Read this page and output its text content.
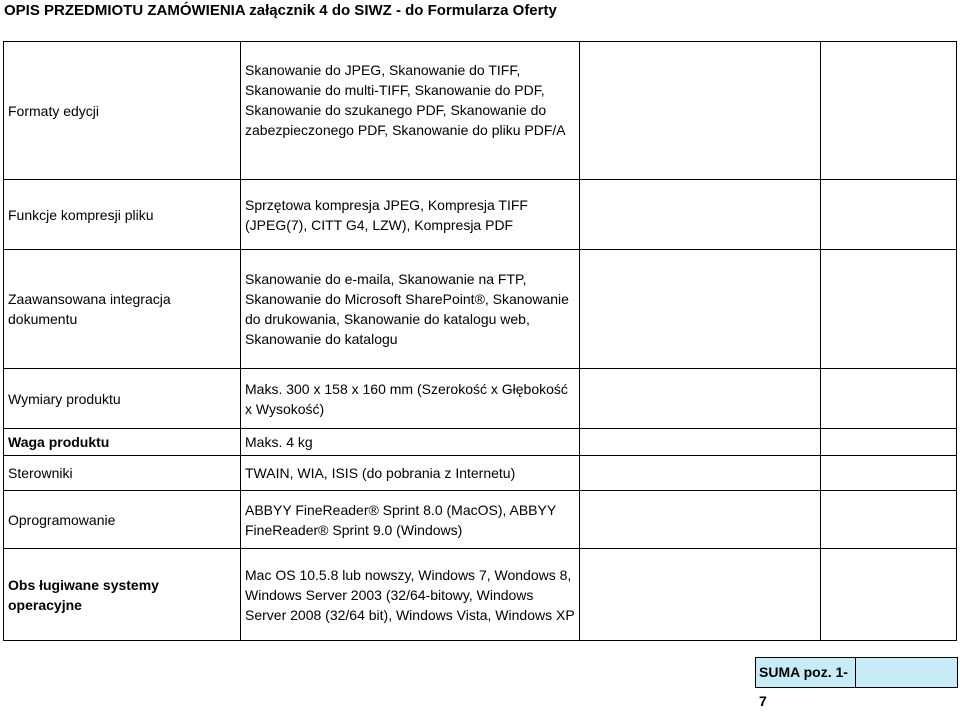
OPIS PRZEDMIOTU ZAMÓWIENIA załącznik 4 do SIWZ - do Formularza Oferty
Formaty edycji	Skanowanie do JPEG, Skanowanie do TIFF, Skanowanie do multi-TIFF, Skanowanie do PDF, Skanowanie do szukanego PDF, Skanowanie do zabezpieczonego PDF, Skanowanie do pliku PDF/A		
Funkcje kompresji pliku	Sprzętowa kompresja JPEG, Kompresja TIFF (JPEG(7), CITT G4, LZW), Kompresja PDF		
Zaawansowana integracja dokumentu	Skanowanie do e-maila, Skanowanie na FTP, Skanowanie do Microsoft SharePoint®, Skanowanie do drukowania, Skanowanie do katalogu web, Skanowanie do katalogu		
Wymiary produktu	Maks. 300 x 158 x 160 mm (Szerokość x Głębokość x Wysokość)		
Waga produktu	Maks. 4 kg		
Sterowniki	TWAIN, WIA, ISIS (do pobrania z Internetu)		
Oprogramowanie	ABBYY FineReader® Sprint 8.0 (MacOS), ABBYY FineReader® Sprint 9.0 (Windows)		
Obs ługiwane systemy operacyjne	Mac OS 10.5.8 lub nowszy, Windows 7, Wondows 8, Windows Server 2003 (32/64-bitowy, Windows Server 2008 (32/64 bit), Windows Vista, Windows XP		
SUMA poz. 1-7
